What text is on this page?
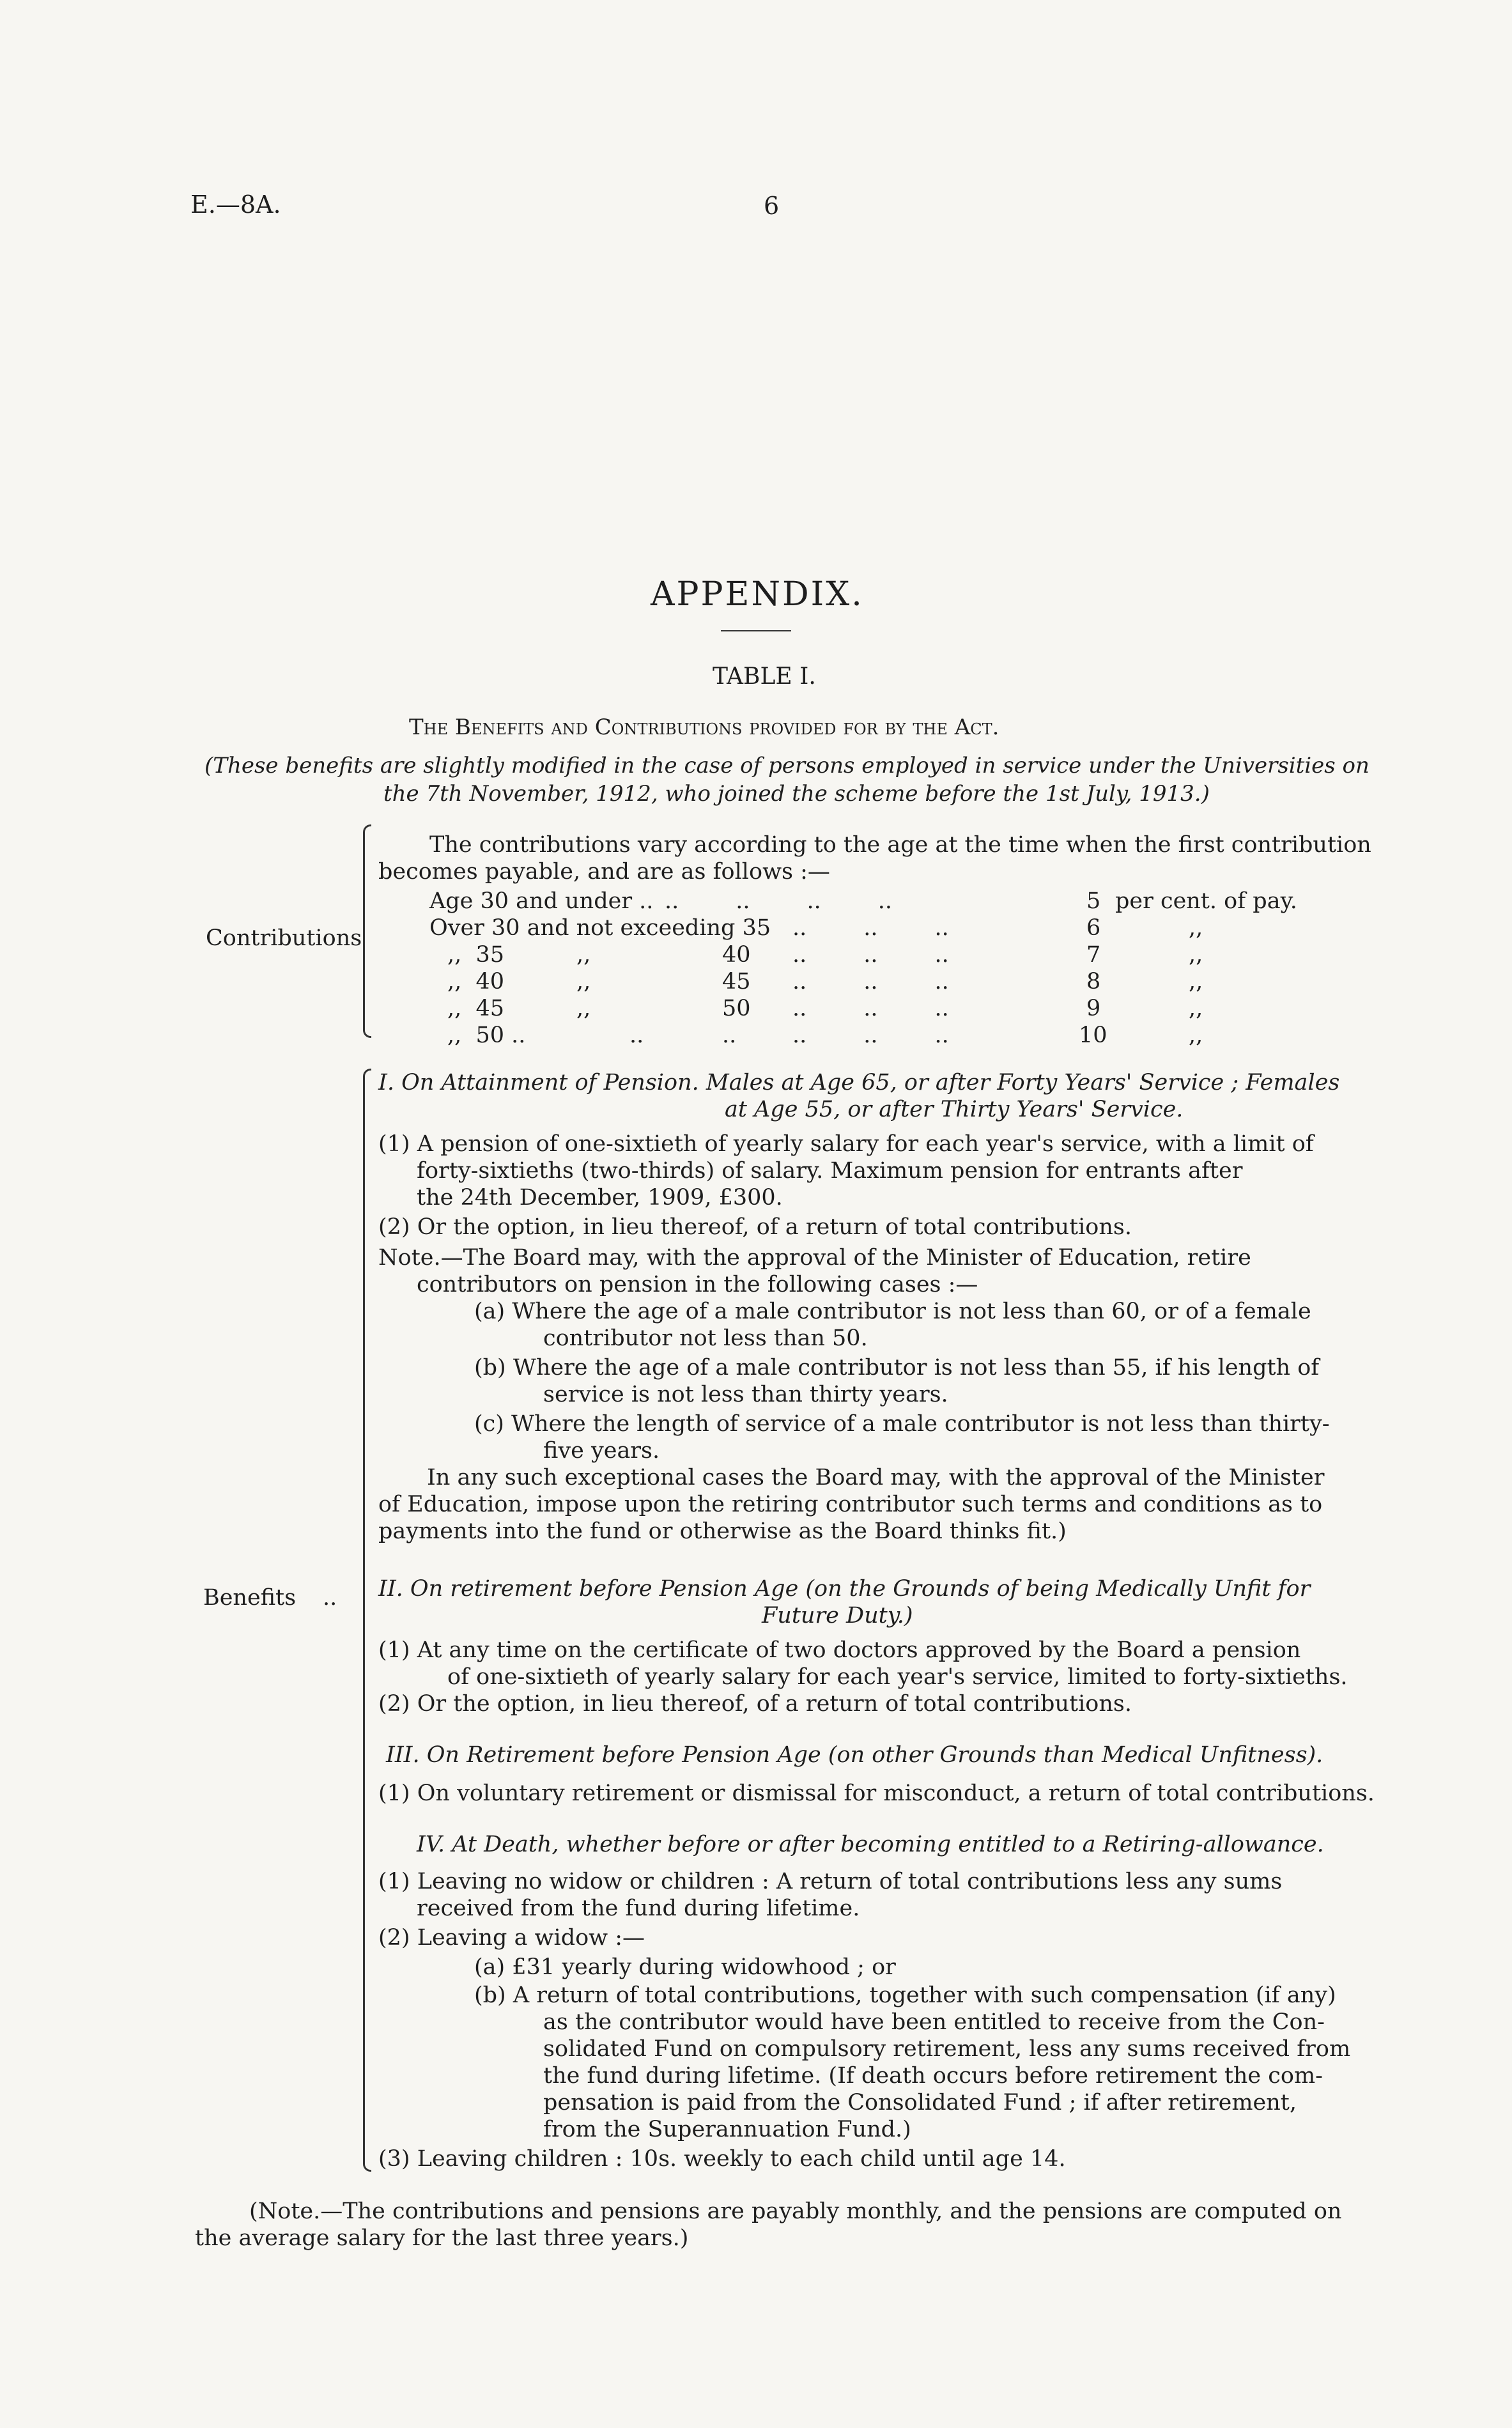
E.—8A.	6
APPENDIX.
TABLE I.
The Benefits and Contributions provided for by the Act.
(These benefits are slightly modified in the case of persons employed in service under the Universities on
the 7th November, 1912, who joined the scheme before the 1st July, 1913.)
Contributions
The contributions vary according to the age at the time when the first contribution
becomes payable, and are as follows :—
Age 30 and under .. ..        ..        ..        ..	5 per cent. of pay.
Over 30 and not exceeding 35 ..        ..        ..	6	,,
,,  35	,,	40 ..        ..        ..	7	,,
,,  40	,,	45 ..        ..        ..	8	,,
,,  45	,,	50 ..        ..        ..	9	,,
,,  50 ..	..	..	..        ..        ..	10	,,
Benefits ..
I. On Attainment of Pension. Males at Age 65, or after Forty Years' Service ; Females
at Age 55, or after Thirty Years' Service.
(1) A pension of one-sixtieth of yearly salary for each year's service, with a limit of
forty-sixtieths (two-thirds) of salary. Maximum pension for entrants after
the 24th December, 1909, £300.
(2) Or the option, in lieu thereof, of a return of total contributions.
Note.—The Board may, with the approval of the Minister of Education, retire
contributors on pension in the following cases :—
(a) Where the age of a male contributor is not less than 60, or of a female
contributor not less than 50.
(b) Where the age of a male contributor is not less than 55, if his length of
service is not less than thirty years.
(c) Where the length of service of a male contributor is not less than thirty-
five years.
In any such exceptional cases the Board may, with the approval of the Minister
of Education, impose upon the retiring contributor such terms and conditions as to
payments into the fund or otherwise as the Board thinks fit.)
II. On retirement before Pension Age (on the Grounds of being Medically Unfit for
Future Duty.)
(1) At any time on the certificate of two doctors approved by the Board a pension
of one-sixtieth of yearly salary for each year's service, limited to forty-sixtieths.
(2) Or the option, in lieu thereof, of a return of total contributions.
III. On Retirement before Pension Age (on other Grounds than Medical Unfitness).
(1) On voluntary retirement or dismissal for misconduct, a return of total contributions.
IV. At Death, whether before or after becoming entitled to a Retiring-allowance.
(1) Leaving no widow or children : A return of total contributions less any sums
received from the fund during lifetime.
(2) Leaving a widow :—
(a) £31 yearly during widowhood ; or
(b) A return of total contributions, together with such compensation (if any)
as the contributor would have been entitled to receive from the Con-
solidated Fund on compulsory retirement, less any sums received from
the fund during lifetime. (If death occurs before retirement the com-
pensation is paid from the Consolidated Fund ; if after retirement,
from the Superannuation Fund.)
(3) Leaving children : 10s. weekly to each child until age 14.
(Note.—The contributions and pensions are payably monthly, and the pensions are computed on
the average salary for the last three years.)
